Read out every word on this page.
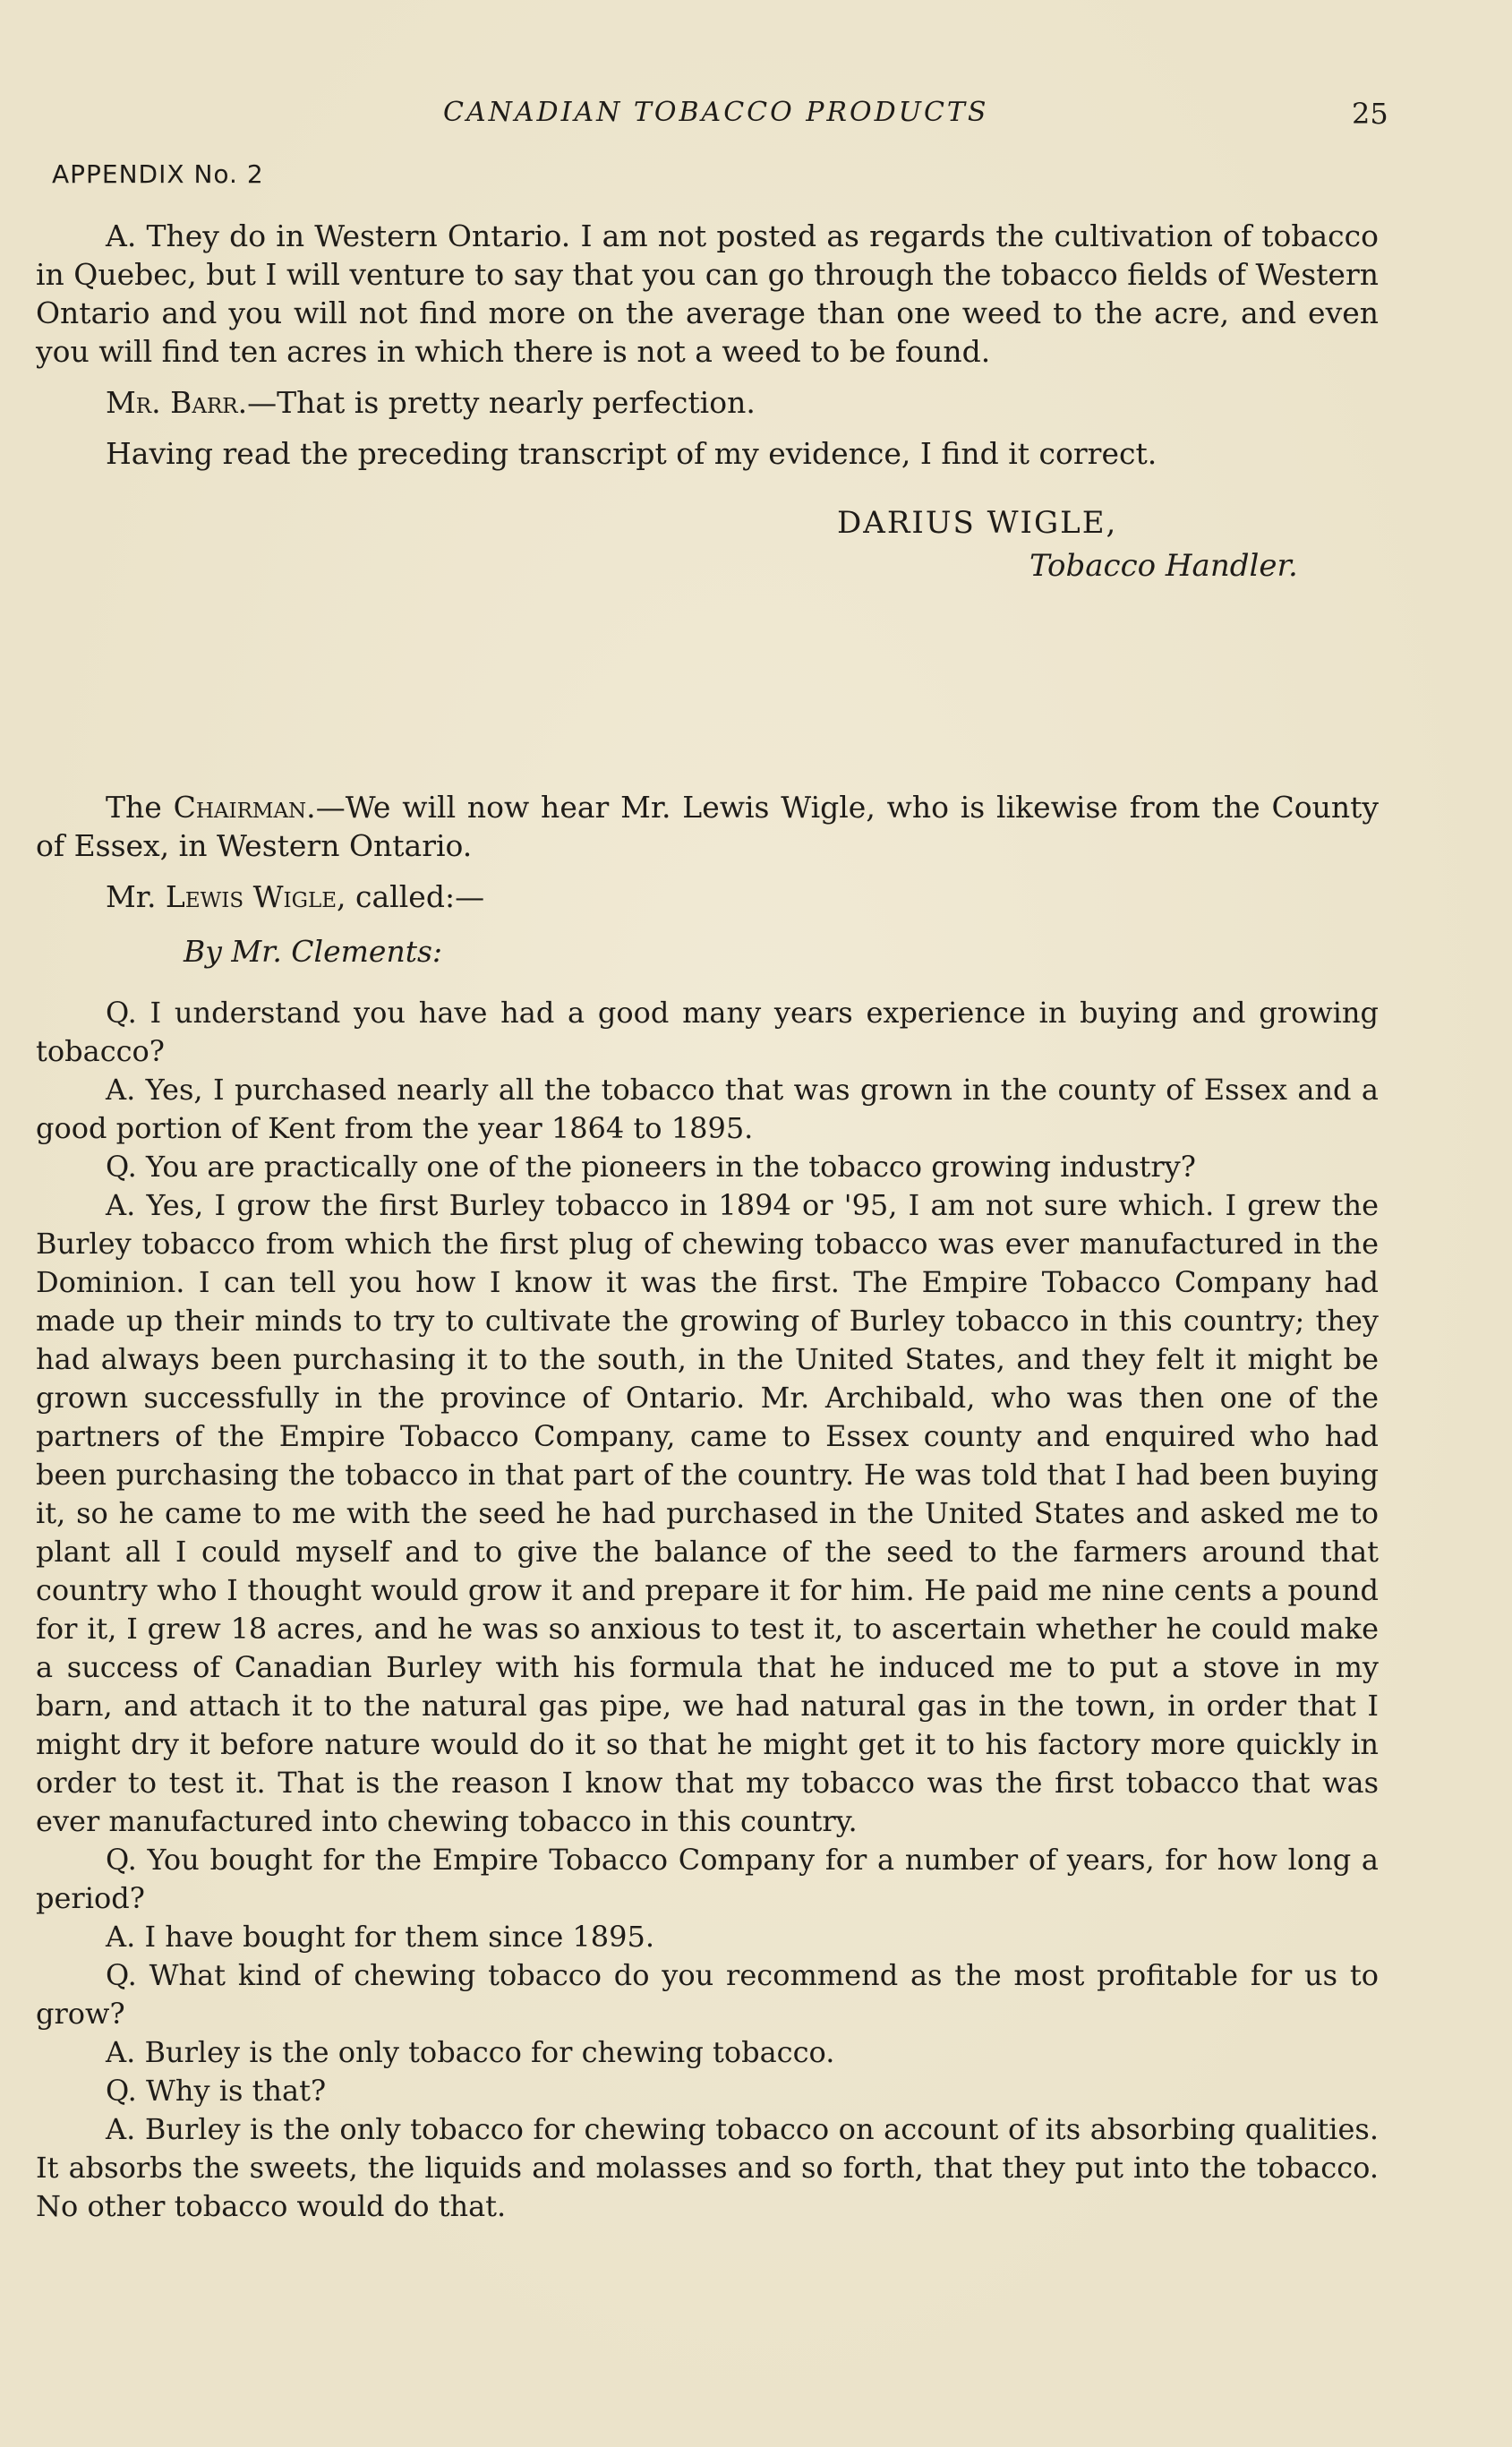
CANADIAN TOBACCO PRODUCTS	25
APPENDIX No. 2

A. They do in Western Ontario. I am not posted as regards the cultivation of tobacco in Quebec, but I will venture to say that you can go through the tobacco fields of Western Ontario and you will not find more on the average than one weed to the acre, and even you will find ten acres in which there is not a weed to be found.

Mr. Barr.—That is pretty nearly perfection.

Having read the preceding transcript of my evidence, I find it correct.

DARIUS WIGLE,
Tobacco Handler.

The Chairman.—We will now hear Mr. Lewis Wigle, who is likewise from the County of Essex, in Western Ontario.

Mr. Lewis Wigle, called:—

By Mr. Clements:

Q. I understand you have had a good many years experience in buying and growing tobacco?

A. Yes, I purchased nearly all the tobacco that was grown in the county of Essex and a good portion of Kent from the year 1864 to 1895.

Q. You are practically one of the pioneers in the tobacco growing industry?

A. Yes, I grow the first Burley tobacco in 1894 or '95, I am not sure which. I grew the Burley tobacco from which the first plug of chewing tobacco was ever manufactured in the Dominion. I can tell you how I know it was the first. The Empire Tobacco Company had made up their minds to try to cultivate the growing of Burley tobacco in this country; they had always been purchasing it to the south, in the United States, and they felt it might be grown successfully in the province of Ontario. Mr. Archibald, who was then one of the partners of the Empire Tobacco Company, came to Essex county and enquired who had been purchasing the tobacco in that part of the country. He was told that I had been buying it, so he came to me with the seed he had purchased in the United States and asked me to plant all I could myself and to give the balance of the seed to the farmers around that country who I thought would grow it and prepare it for him. He paid me nine cents a pound for it, I grew 18 acres, and he was so anxious to test it, to ascertain whether he could make a success of Canadian Burley with his formula that he induced me to put a stove in my barn, and attach it to the natural gas pipe, we had natural gas in the town, in order that I might dry it before nature would do it so that he might get it to his factory more quickly in order to test it. That is the reason I know that my tobacco was the first tobacco that was ever manufactured into chewing tobacco in this country.

Q. You bought for the Empire Tobacco Company for a number of years, for how long a period?

A. I have bought for them since 1895.

Q. What kind of chewing tobacco do you recommend as the most profitable for us to grow?

A. Burley is the only tobacco for chewing tobacco.

Q. Why is that?

A. Burley is the only tobacco for chewing tobacco on account of its absorbing qualities. It absorbs the sweets, the liquids and molasses and so forth, that they put into the tobacco. No other tobacco would do that.
